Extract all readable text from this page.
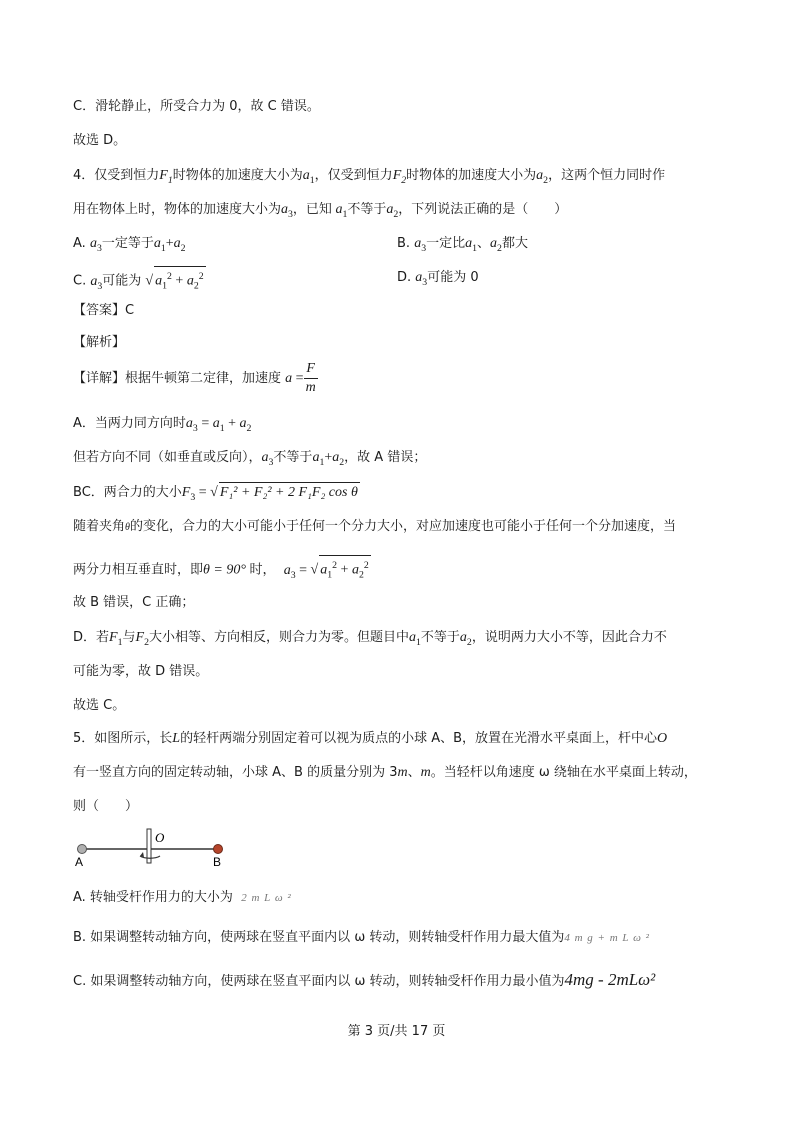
C．滑轮静止，所受合力为 0，故 C 错误。
故选 D。
4．仅受到恒力$F_1$时物体的加速度大小为$a_1$，仅受到恒力$F_2$时物体的加速度大小为$a_2$，这两个恒力同时作
用在物体上时，物体的加速度大小为$a_3$，已知 $a_1$不等于$a_2$，下列说法正确的是（　　）
A. $a_3$一定等于$a_1+a_2$	B. $a_3$一定比$a_1$、$a_2$都大
C. $a_3$可能为 √ $a_1^2 + a_2^2$	D. $a_3$可能为 0
【答案】C
【解析】
【详解】根据牛顿第二定律，加速度 $a = \frac{F}{m}$
A．当两力同方向时$a_3 = a_1 + a_2$
但若方向不同（如垂直或反向），$a_3$不等于$a_1+a_2$，故 A 错误；
BC．两合力的大小$F_3$ = √ F₁² + F₂² + 2 F₁F₂ cos θ
随着夹角θ的变化，合力的大小可能小于任何一个分力大小，对应加速度也可能小于任何一个分加速度，当
两分力相互垂直时，即θ = 90° 时， $a_3$ = √ $a_1^2 + a_2^2$
故 B 错误，C 正确；
D．若$F_1$与$F_2$大小相等、方向相反，则合力为零。但题目中$a_1$不等于$a_2$，说明两力大小不等，因此合力不
可能为零，故 D 错误。
故选 C。
5．如图所示，长L的轻杆两端分别固定着可以视为质点的小球 A、B，放置在光滑水平桌面上，杆中心O
有一竖直方向的固定转动轴，小球 A、B 的质量分别为 3m、m。当轻杆以角速度 ω 绕轴在水平桌面上转动，
则（　　）
O
A	B
A. 转轴受杆作用力的大小为 2 m L ω ²
B. 如果调整转动轴方向，使两球在竖直平面内以 ω 转动，则转轴受杆作用力最大值为4 m g + m L ω ²
C. 如果调整转动轴方向，使两球在竖直平面内以 ω 转动，则转轴受杆作用力最小值为4mg - 2mLω²
第 3 页/共 17 页
